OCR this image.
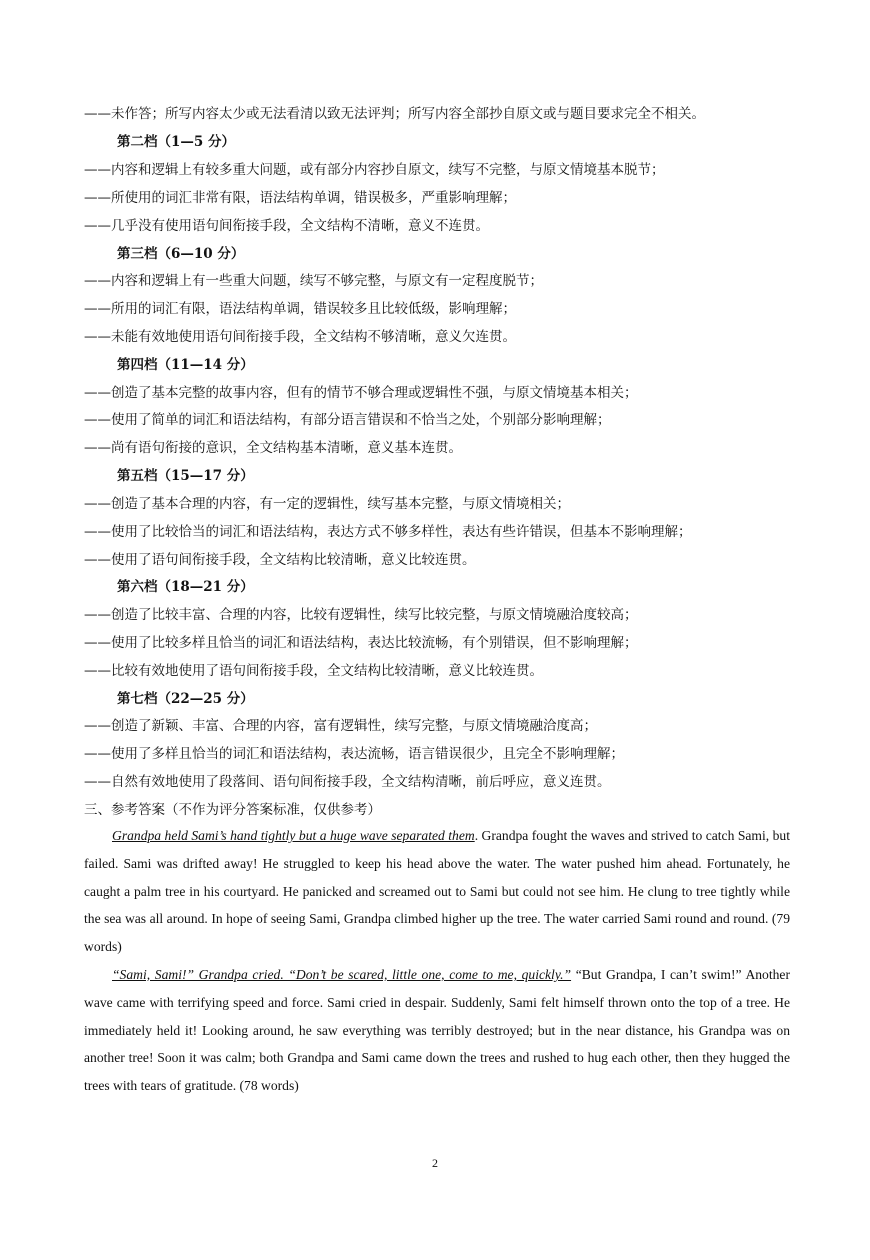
——未作答；所写内容太少或无法看清以致无法评判；所写内容全部抄自原文或与题目要求完全不相关。
第二档（1—5 分）
——内容和逻辑上有较多重大问题，或有部分内容抄自原文，续写不完整，与原文情境基本脱节；
——所使用的词汇非常有限，语法结构单调，错误极多，严重影响理解；
——几乎没有使用语句间衔接手段，全文结构不清晰，意义不连贯。
第三档（6—10 分）
——内容和逻辑上有一些重大问题，续写不够完整，与原文有一定程度脱节；
——所用的词汇有限，语法结构单调，错误较多且比较低级，影响理解；
——未能有效地使用语句间衔接手段，全文结构不够清晰，意义欠连贯。
第四档（11—14 分）
——创造了基本完整的故事内容，但有的情节不够合理或逻辑性不强，与原文情境基本相关；
——使用了简单的词汇和语法结构，有部分语言错误和不恰当之处，个别部分影响理解；
——尚有语句衔接的意识，全文结构基本清晰，意义基本连贯。
第五档（15—17 分）
——创造了基本合理的内容，有一定的逻辑性，续写基本完整，与原文情境相关；
——使用了比较恰当的词汇和语法结构，表达方式不够多样性，表达有些许错误，但基本不影响理解；
——使用了语句间衔接手段，全文结构比较清晰，意义比较连贯。
第六档（18—21 分）
——创造了比较丰富、合理的内容，比较有逻辑性，续写比较完整，与原文情境融洽度较高；
——使用了比较多样且恰当的词汇和语法结构，表达比较流畅，有个别错误，但不影响理解；
——比较有效地使用了语句间衔接手段，全文结构比较清晰，意义比较连贯。
第七档（22—25 分）
——创造了新颖、丰富、合理的内容，富有逻辑性，续写完整，与原文情境融洽度高；
——使用了多样且恰当的词汇和语法结构，表达流畅，语言错误很少，且完全不影响理解；
——自然有效地使用了段落间、语句间衔接手段，全文结构清晰，前后呼应，意义连贯。
三、参考答案（不作为评分答案标准，仅供参考）
Grandpa held Sami’s hand tightly but a huge wave separated them. Grandpa fought the waves and strived to catch Sami, but failed. Sami was drifted away! He struggled to keep his head above the water. The water pushed him ahead. Fortunately, he caught a palm tree in his courtyard. He panicked and screamed out to Sami but could not see him. He clung to tree tightly while the sea was all around. In hope of seeing Sami, Grandpa climbed higher up the tree. The water carried Sami round and round. (79 words)
“Sami, Sami!” Grandpa cried. “Don’t be scared, little one, come to me, quickly.” “But Grandpa, I can’t swim!” Another wave came with terrifying speed and force. Sami cried in despair. Suddenly, Sami felt himself thrown onto the top of a tree. He immediately held it! Looking around, he saw everything was terribly destroyed; but in the near distance, his Grandpa was on another tree! Soon it was calm; both Grandpa and Sami came down the trees and rushed to hug each other, then they hugged the trees with tears of gratitude. (78 words)
2
